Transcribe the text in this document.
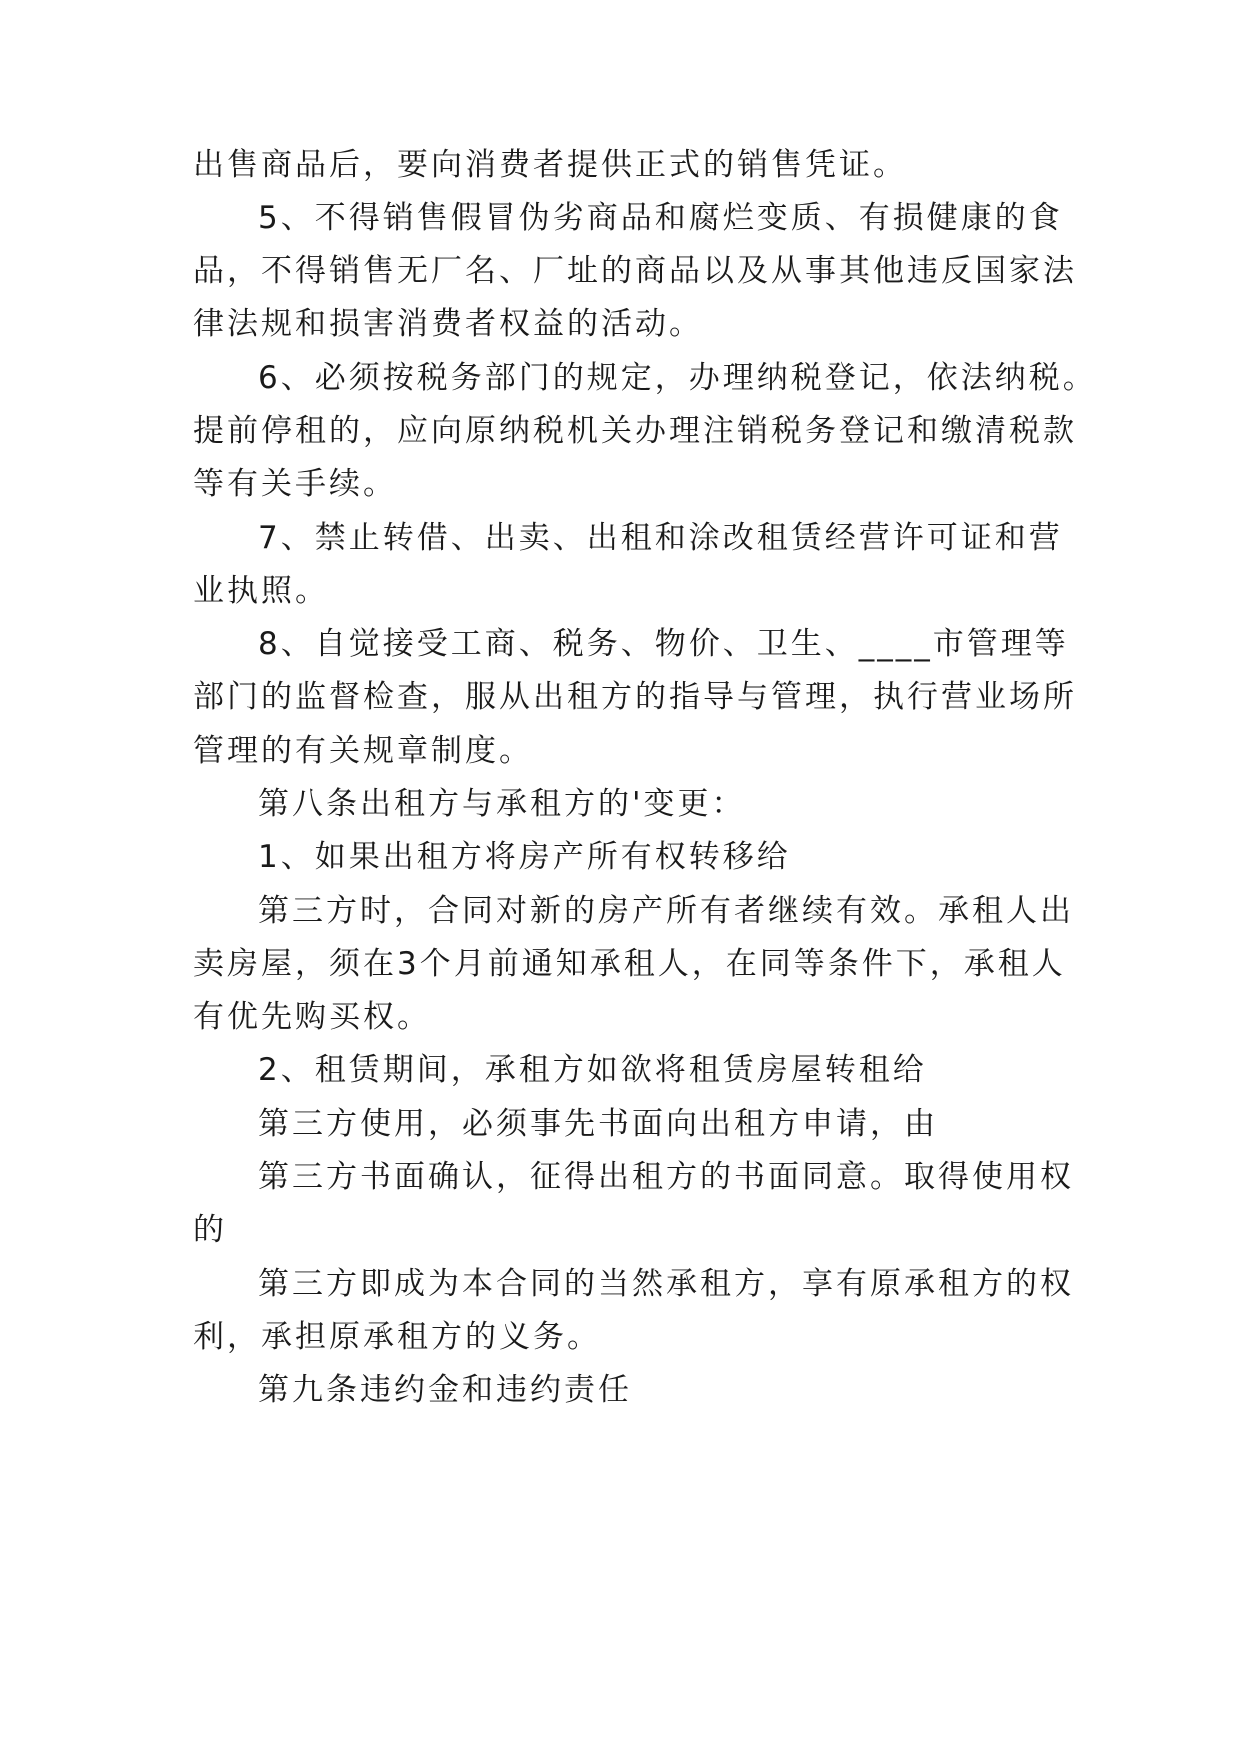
出售商品后，要向消费者提供正式的销售凭证。
5、不得销售假冒伪劣商品和腐烂变质、有损健康的食
品，不得销售无厂名、厂址的商品以及从事其他违反国家法
律法规和损害消费者权益的活动。
6、必须按税务部门的规定，办理纳税登记，依法纳税。
提前停租的，应向原纳税机关办理注销税务登记和缴清税款
等有关手续。
7、禁止转借、出卖、出租和涂改租赁经营许可证和营
业执照。
8、自觉接受工商、税务、物价、卫生、____市管理等
部门的监督检查，服从出租方的指导与管理，执行营业场所
管理的有关规章制度。
第八条出租方与承租方的'变更：
1、如果出租方将房产所有权转移给
第三方时，合同对新的房产所有者继续有效。承租人出
卖房屋，须在3个月前通知承租人，在同等条件下，承租人
有优先购买权。
2、租赁期间，承租方如欲将租赁房屋转租给
第三方使用，必须事先书面向出租方申请，由
第三方书面确认，征得出租方的书面同意。取得使用权
的
第三方即成为本合同的当然承租方，享有原承租方的权
利，承担原承租方的义务。
第九条违约金和违约责任
